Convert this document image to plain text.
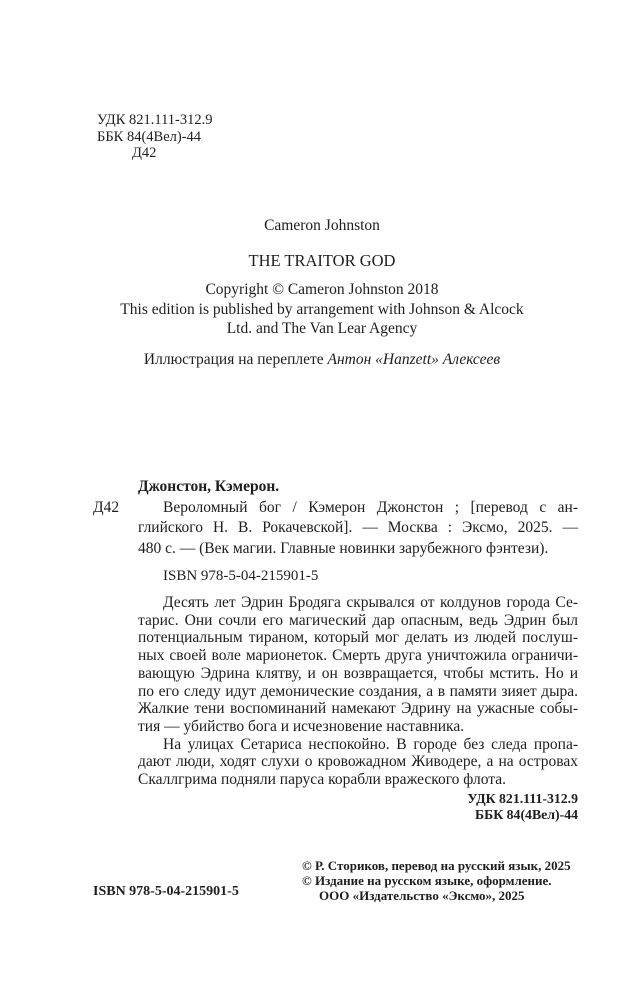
УДК 821.111-312.9
ББК 84(4Вел)-44
Д42
Cameron Johnston
THE TRAITOR GOD
Copyright © Cameron Johnston 2018
This edition is published by arrangement with Johnson & Alcock
Ltd. and The Van Lear Agency
Иллюстрация на переплете Антон «Hanzett» Алексеев
Джонстон, Кэмерон.
Д42	Вероломный бог / Кэмерон Джонстон ; [перевод с ан-
глийского Н. В. Рокачевской]. — Москва : Эксмо, 2025. —
480 с. — (Век магии. Главные новинки зарубежного фэнтези).
ISBN 978-5-04-215901-5
Десять лет Эдрин Бродяга скрывался от колдунов города Се-
тарис. Они сочли его магический дар опасным, ведь Эдрин был
потенциальным тираном, который мог делать из людей послуш-
ных своей воле марионеток. Смерть друга уничтожила ограничи-
вающую Эдрина клятву, и он возвращается, чтобы мстить. Но и
по его следу идут демонические создания, а в памяти зияет дыра.
Жалкие тени воспоминаний намекают Эдрину на ужасные собы-
тия — убийство бога и исчезновение наставника.
На улицах Сетариса неспокойно. В городе без следа пропа-
дают люди, ходят слухи о кровожадном Живодере, а на островах
Скаллгрима подняли паруса корабли вражеского флота.
УДК 821.111-312.9
ББК 84(4Вел)-44
ISBN 978-5-04-215901-5
© Р. Сториков, перевод на русский язык, 2025
© Издание на русском языке, оформление.
ООО «Издательство «Эксмо», 2025
